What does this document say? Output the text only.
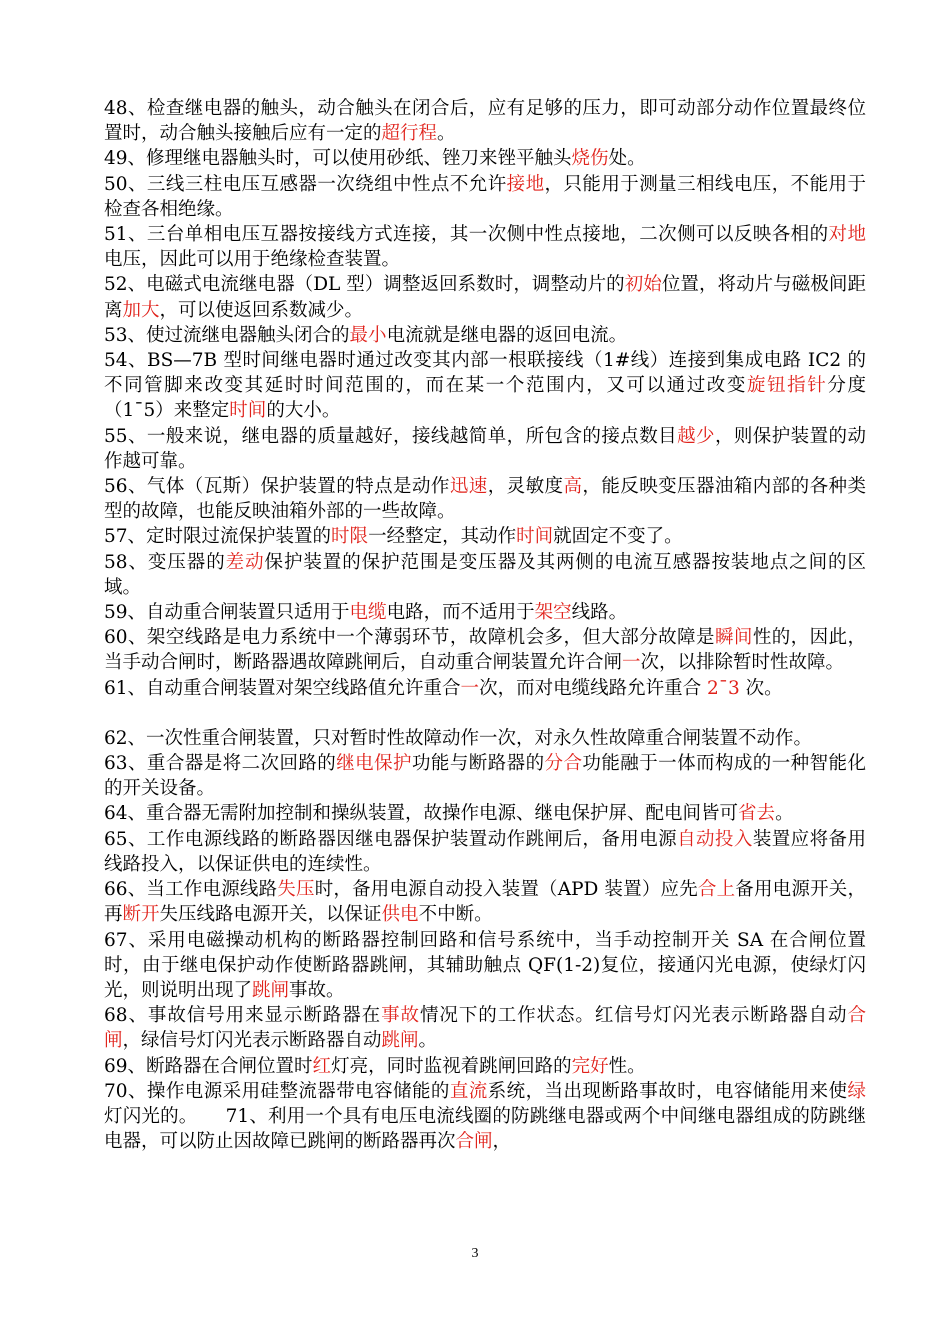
48、检查继电器的触头，动合触头在闭合后，应有足够的压力，即可动部分动作位置最终位置时，动合触头接触后应有一定的超行程。

49、修理继电器触头时，可以使用砂纸、锉刀来锉平触头烧伤处。

50、三线三柱电压互感器一次绕组中性点不允许接地，只能用于测量三相线电压，不能用于检查各相绝缘。

51、三台单相电压互器按接线方式连接，其一次侧中性点接地，二次侧可以反映各相的对地电压，因此可以用于绝缘检查装置。

52、电磁式电流继电器（DL 型）调整返回系数时，调整动片的初始位置，将动片与磁极间距离加大，可以使返回系数减少。

53、使过流继电器触头闭合的最小电流就是继电器的返回电流。

54、BS—7B 型时间继电器时通过改变其内部一根联接线（1#线）连接到集成电路 IC2 的不同管脚来改变其延时时间范围的，而在某一个范围内，又可以通过改变旋钮指针分度（1¯5）来整定时间的大小。

55、一般来说，继电器的质量越好，接线越简单，所包含的接点数目越少，则保护装置的动作越可靠。

56、气体（瓦斯）保护装置的特点是动作迅速，灵敏度高，能反映变压器油箱内部的各种类型的故障，也能反映油箱外部的一些故障。

57、定时限过流保护装置的时限一经整定，其动作时间就固定不变了。

58、变压器的差动保护装置的保护范围是变压器及其两侧的电流互感器按装地点之间的区域。

59、自动重合闸装置只适用于电缆电路，而不适用于架空线路。

60、架空线路是电力系统中一个薄弱环节，故障机会多，但大部分故障是瞬间性的，因此，当手动合闸时，断路器遇故障跳闸后，自动重合闸装置允许合闸一次，以排除暂时性故障。

61、自动重合闸装置对架空线路值允许重合一次，而对电缆线路允许重合 2¯3 次。

62、一次性重合闸装置，只对暂时性故障动作一次，对永久性故障重合闸装置不动作。

63、重合器是将二次回路的继电保护功能与断路器的分合功能融于一体而构成的一种智能化的开关设备。

64、重合器无需附加控制和操纵装置，故操作电源、继电保护屏、配电间皆可省去。

65、工作电源线路的断路器因继电器保护装置动作跳闸后，备用电源自动投入装置应将备用线路投入，以保证供电的连续性。

66、当工作电源线路失压时，备用电源自动投入装置（APD 装置）应先合上备用电源开关，再断开失压线路电源开关，以保证供电不中断。

67、采用电磁操动机构的断路器控制回路和信号系统中，当手动控制开关 SA 在合闸位置时，由于继电保护动作使断路器跳闸，其辅助触点 QF(1-2)复位，接通闪光电源，使绿灯闪光，则说明出现了跳闸事故。

68、事故信号用来显示断路器在事故情况下的工作状态。红信号灯闪光表示断路器自动合闸，绿信号灯闪光表示断路器自动跳闸。

69、断路器在合闸位置时红灯亮，同时监视着跳闸回路的完好性。

70、操作电源采用硅整流器带电容储能的直流系统，当出现断路事故时，电容储能用来使绿灯闪光的。　　71、利用一个具有电压电流线圈的防跳继电器或两个中间继电器组成的防跳继电器，可以防止因故障已跳闸的断路器再次合闸，

3
